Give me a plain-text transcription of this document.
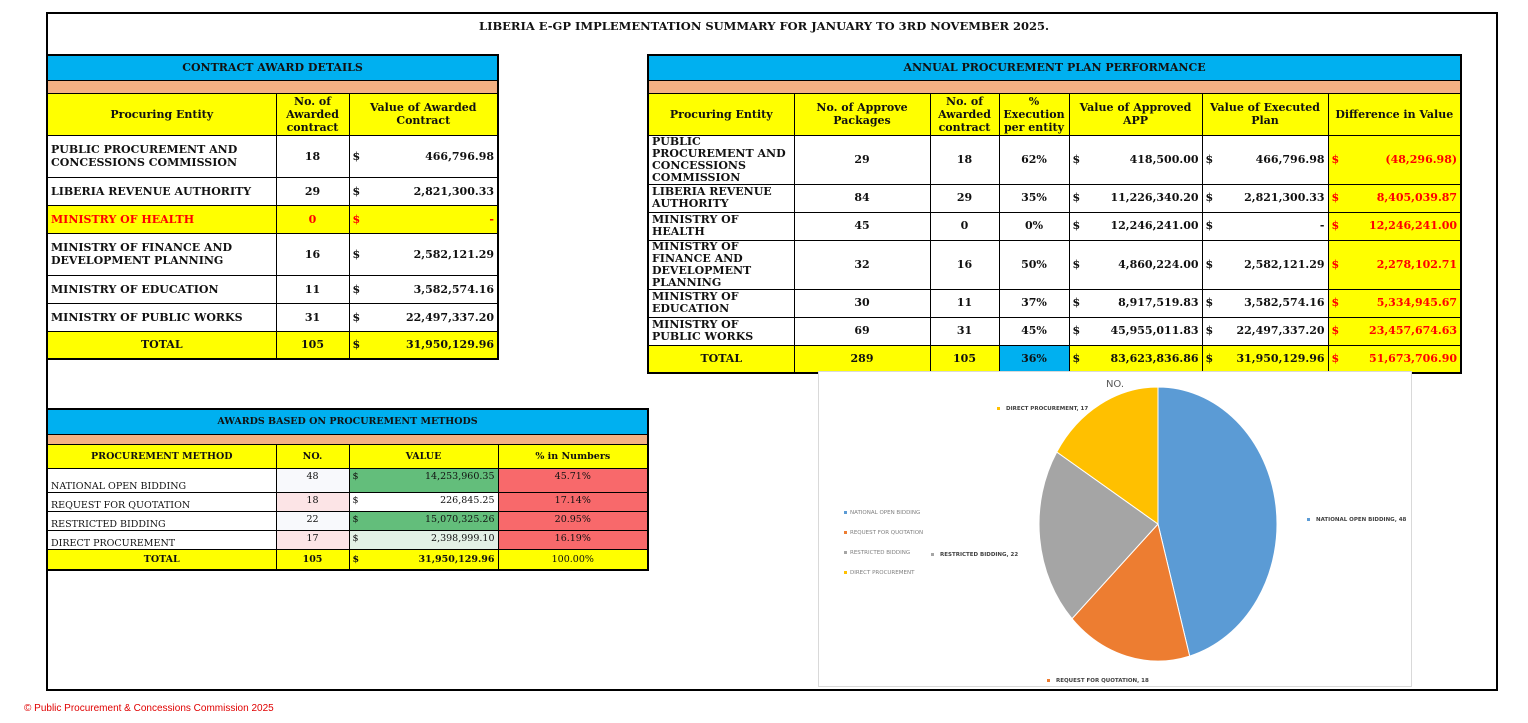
LIBERIA E-GP IMPLEMENTATION SUMMARY FOR JANUARY TO 3RD NOVEMBER 2025.
CONTRACT AWARD DETAILS		

Procuring Entity	No. of Awarded contract	Value of Awarded Contract
PUBLIC PROCUREMENT AND CONCESSIONS COMMISSION	18	$ 466,796.98

LIBERIA REVENUE AUTHORITY	29	$ 2,821,300.33

MINISTRY OF HEALTH	0	$ -

MINISTRY OF FINANCE AND DEVELOPMENT PLANNING	16	$ 2,582,121.29

MINISTRY OF EDUCATION	11	$ 3,582,574.16

MINISTRY OF PUBLIC WORKS	31	$ 22,497,337.20

TOTAL	105	$ 31,950,129.96
ANNUAL PROCUREMENT PLAN PERFORMANCE						

Procuring Entity	No. of Approve Packages	No. of Awarded contract	% Execution per entity	Value of Approved APP	Value of Executed Plan	Difference in Value
PUBLIC PROCUREMENT AND CONCESSIONS COMMISSION	29	18	62%	$ 418,500.00	$ 466,796.98	$ (48,296.98)

LIBERIA REVENUE AUTHORITY	84	29	35%	$ 11,226,340.20	$ 2,821,300.33	$ 8,405,039.87

MINISTRY OF HEALTH	45	0	0%	$ 12,246,241.00	$ -	$ 12,246,241.00

MINISTRY OF FINANCE AND DEVELOPMENT PLANNING	32	16	50%	$ 4,860,224.00	$ 2,582,121.29	$ 2,278,102.71

MINISTRY OF EDUCATION	30	11	37%	$ 8,917,519.83	$ 3,582,574.16	$ 5,334,945.67

MINISTRY OF PUBLIC WORKS	69	31	45%	$ 45,955,011.83	$ 22,497,337.20	$ 23,457,674.63

TOTAL	289	105	36%	$ 83,623,836.86	$ 31,950,129.96	$ 51,673,706.90
AWARDS BASED ON PROCUREMENT METHODS			

PROCUREMENT METHOD	NO.	VALUE	% in Numbers
NATIONAL OPEN BIDDING	48	$ 14,253,960.35	45.71%
REQUEST FOR QUOTATION	18	$ 226,845.25	17.14%
RESTRICTED BIDDING	22	$ 15,070,325.26	20.95%
DIRECT PROCUREMENT	17	$ 2,398,999.10	16.19%
TOTAL	105	$ 31,950,129.96	100.00%
NO.
NATIONAL OPEN BIDDING
REQUEST FOR QUOTATION
RESTRICTED BIDDING
DIRECT PROCUREMENT
NATIONAL OPEN BIDDING, 48
REQUEST FOR QUOTATION, 18
RESTRICTED BIDDING, 22
DIRECT PROCUREMENT, 17
© Public Procurement & Concessions Commission 2025
